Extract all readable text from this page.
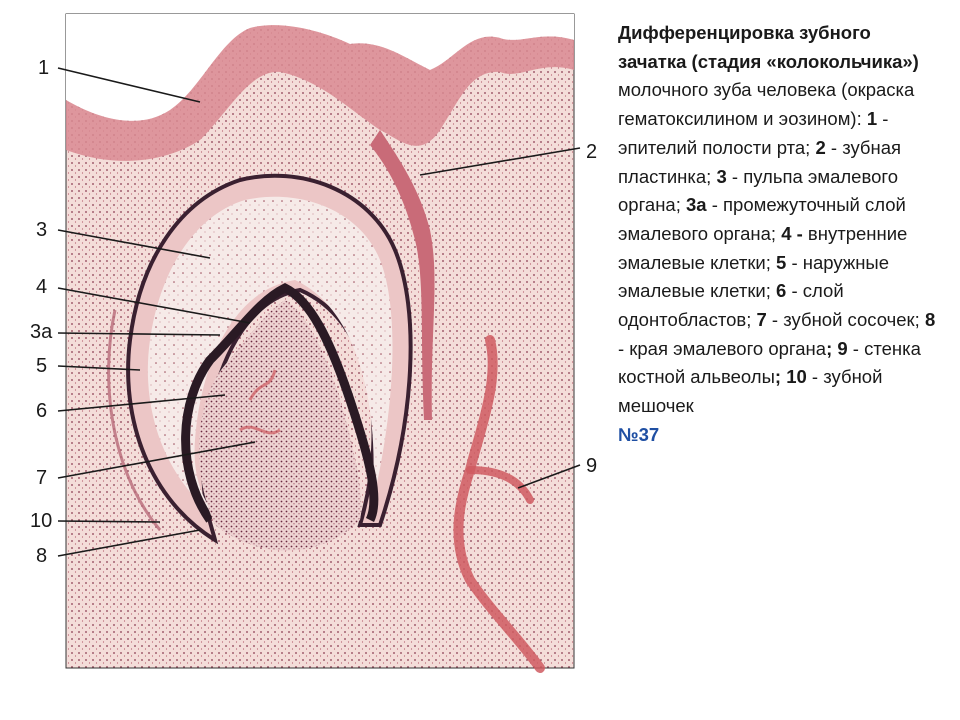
1
2
3
4
3а
5
6
7
10
8
9
Дифференцировка зубного зачатка (стадия «колокольчика») молочного зуба человека (окраска гематоксилином и эозином): 1 - эпителий полости рта; 2 - зубная пластинка; 3 - пульпа эмалевого органа; 3а - промежуточный слой эмалевого органа; 4 - внутренние эмалевые клетки; 5 - наружные эмалевые клетки; 6 - слой одонтобластов; 7 - зубной сосочек; 8 - края эмалевого органа; 9 - стенка костной альвеолы; 10 - зубной мешочек
№37
